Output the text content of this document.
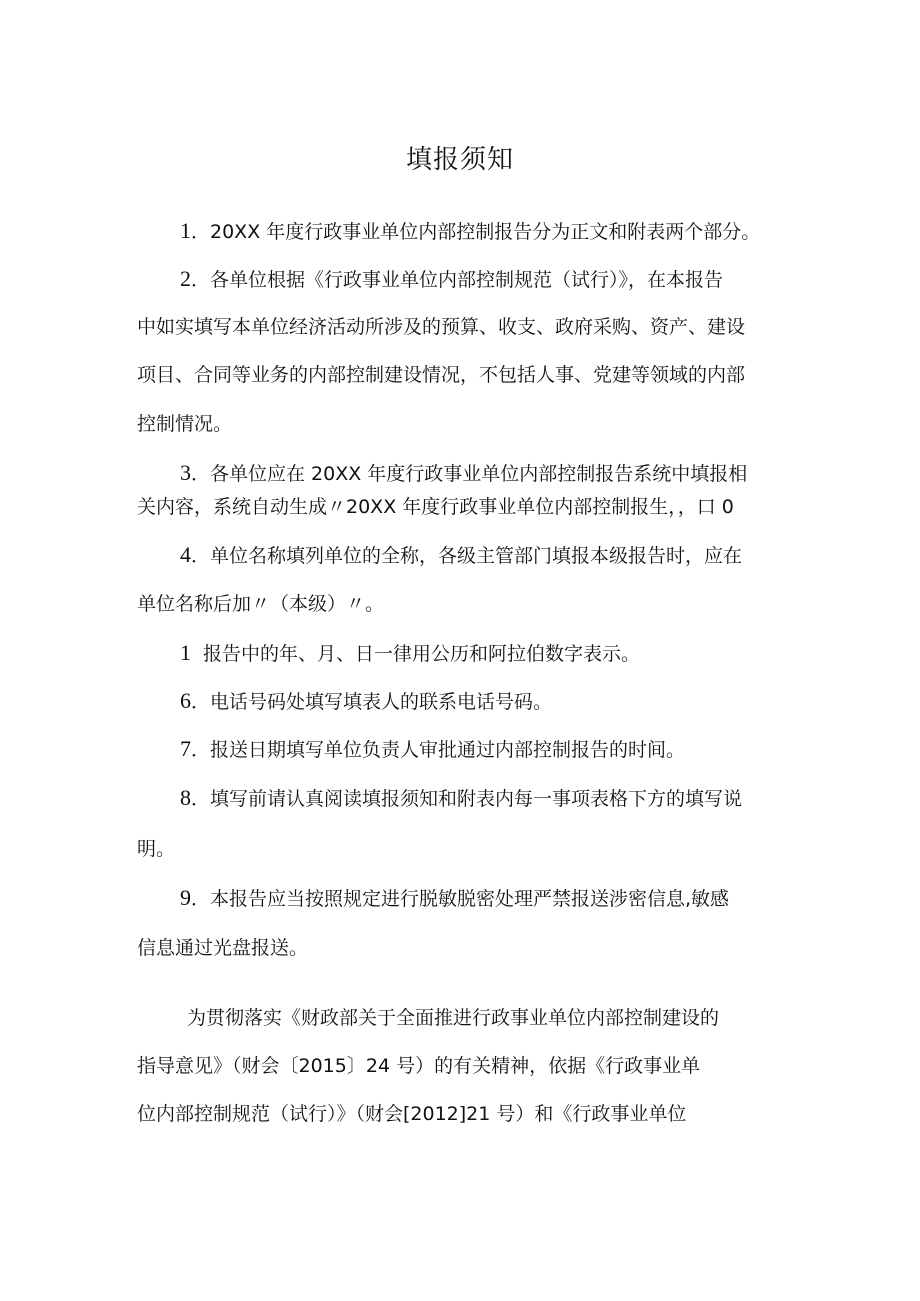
填报须知

1．20XX 年度行政事业单位内部控制报告分为正文和附表两个部分。

2．各单位根据《行政事业单位内部控制规范（试行）》，在本报告

中如实填写本单位经济活动所涉及的预算、收支、政府采购、资产、建设

项目、合同等业务的内部控制建设情况，不包括人事、党建等领域的内部

控制情况。

3．各单位应在 20XX 年度行政事业单位内部控制报告系统中填报相

关内容，系统自动生成〃20XX 年度行政事业单位内部控制报生，，口 0

4．单位名称填列单位的全称，各级主管部门填报本级报告时，应在

单位名称后加〃（本级）〃。

1 报告中的年、月、日一律用公历和阿拉伯数字表示。

6．电话号码处填写填表人的联系电话号码。

7．报送日期填写单位负责人审批通过内部控制报告的时间。

8．填写前请认真阅读填报须知和附表内每一事项表格下方的填写说

明。

9．本报告应当按照规定进行脱敏脱密处理严禁报送涉密信息,敏感

信息通过光盘报送。

为贯彻落实《财政部关于全面推进行政事业单位内部控制建设的

指导意见》（财会〔2015〕24 号）的有关精神，依据《行政事业单

位内部控制规范（试行）》（财会[2012]21 号）和《行政事业单位
